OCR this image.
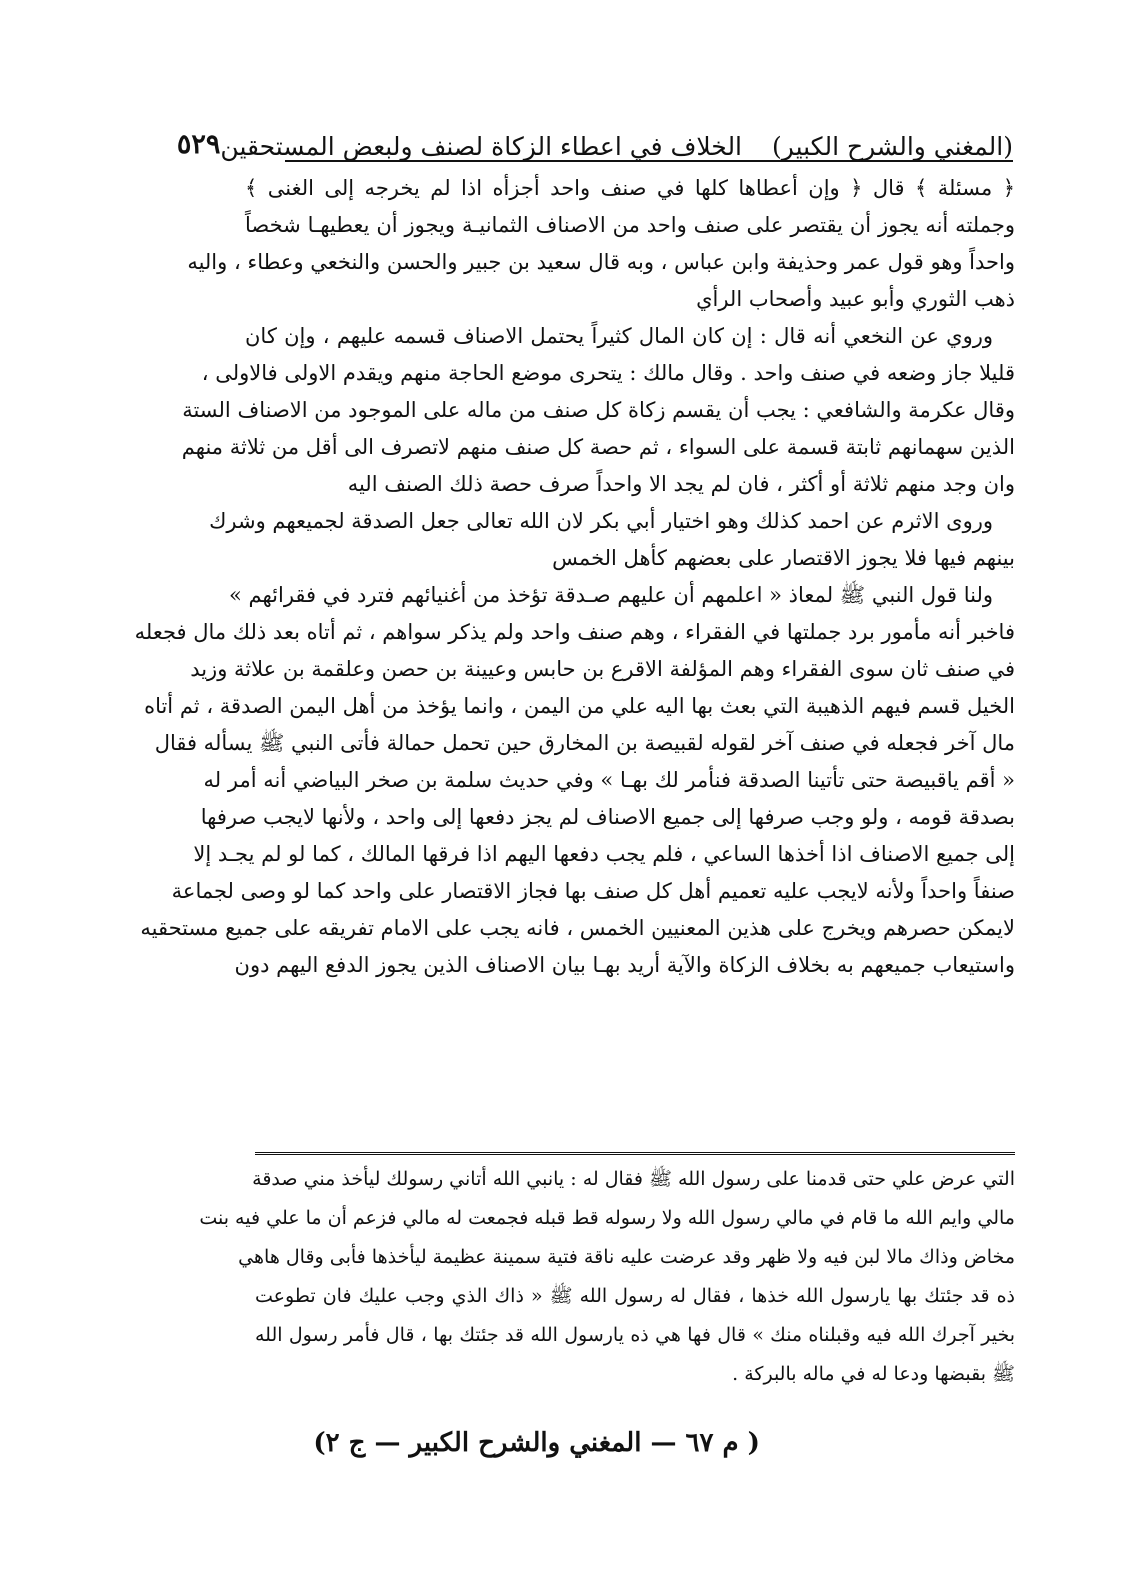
(المغني والشرح الكبير)
الخلاف في اعطاء الزكاة لصنف ولبعض المستحقين
٥٢٩
﴿ مسئلة ﴾ قال ﴿ وإن أعطاها كلها في صنف واحد أجزأه اذا لم يخرجه إلى الغنى ﴾
وجملته أنه يجوز أن يقتصر على صنف واحد من الاصناف الثمانيـة ويجوز أن يعطيهـا شخصاً
واحداً وهو قول عمر وحذيفة وابن عباس ، وبه قال سعيد بن جبير والحسن والنخعي وعطاء ، واليه
ذهب الثوري وأبو عبيد وأصحاب الرأي
وروي عن النخعي أنه قال : إن كان المال كثيراً يحتمل الاصناف قسمه عليهم ، وإن كان
قليلا جاز وضعه في صنف واحد . وقال مالك : يتحرى موضع الحاجة منهم ويقدم الاولى فالاولى ،
وقال عكرمة والشافعي : يجب أن يقسم زكاة كل صنف من ماله على الموجود من الاصناف الستة
الذين سهمانهم ثابتة قسمة على السواء ، ثم حصة كل صنف منهم لاتصرف الى أقل من ثلاثة منهم
وان وجد منهم ثلاثة أو أكثر ، فان لم يجد الا واحداً صرف حصة ذلك الصنف اليه
وروى الاثرم عن احمد كذلك وهو اختيار أبي بكر لان الله تعالى جعل الصدقة لجميعهم وشرك
بينهم فيها فلا يجوز الاقتصار على بعضهم كأهل الخمس
ولنا قول النبي ﷺ لمعاذ « اعلمهم أن عليهم صـدقة تؤخذ من أغنيائهم فترد في فقرائهم »
فاخبر أنه مأمور برد جملتها في الفقراء ، وهم صنف واحد ولم يذكر سواهم ، ثم أتاه بعد ذلك مال فجعله
في صنف ثان سوى الفقراء وهم المؤلفة الاقرع بن حابس وعيينة بن حصن وعلقمة بن علاثة وزيد
الخيل قسم فيهم الذهيبة التي بعث بها اليه علي من اليمن ، وانما يؤخذ من أهل اليمن الصدقة ، ثم أتاه
مال آخر فجعله في صنف آخر لقوله لقبيصة بن المخارق حين تحمل حمالة فأتى النبي ﷺ يسأله فقال
« أقم ياقبيصة حتى تأتينا الصدقة فنأمر لك بهـا » وفي حديث سلمة بن صخر البياضي أنه أمر له
بصدقة قومه ، ولو وجب صرفها إلى جميع الاصناف لم يجز دفعها إلى واحد ، ولأنها لايجب صرفها
إلى جميع الاصناف اذا أخذها الساعي ، فلم يجب دفعها اليهم اذا فرقها المالك ، كما لو لم يجـد إلا
صنفاً واحداً ولأنه لايجب عليه تعميم أهل كل صنف بها فجاز الاقتصار على واحد كما لو وصى لجماعة
لايمكن حصرهم ويخرج على هذين المعنيين الخمس ، فانه يجب على الامام تفريقه على جميع مستحقيه
واستيعاب جميعهم به بخلاف الزكاة والآية أريد بهـا بيان الاصناف الذين يجوز الدفع اليهم دون
التي عرض علي حتى قدمنا على رسول الله ﷺ فقال له : يانبي الله أتاني رسولك ليأخذ مني صدقة
مالي وايم الله ما قام في مالي رسول الله ولا رسوله قط قبله فجمعت له مالي فزعم أن ما علي فيه بنت
مخاض وذاك مالا لبن فيه ولا ظهر وقد عرضت عليه ناقة فتية سمينة عظيمة ليأخذها فأبى وقال هاهي
ذه قد جئتك بها يارسول الله خذها ، فقال له رسول الله ﷺ « ذاك الذي وجب عليك فان تطوعت
بخير آجرك الله فيه وقبلناه منك » قال فها هي ذه يارسول الله قد جئتك بها ، قال فأمر رسول الله
ﷺ بقبضها ودعا له في ماله بالبركة .
( م ٦٧ — المغني والشرح الكبير — ج ٢)
